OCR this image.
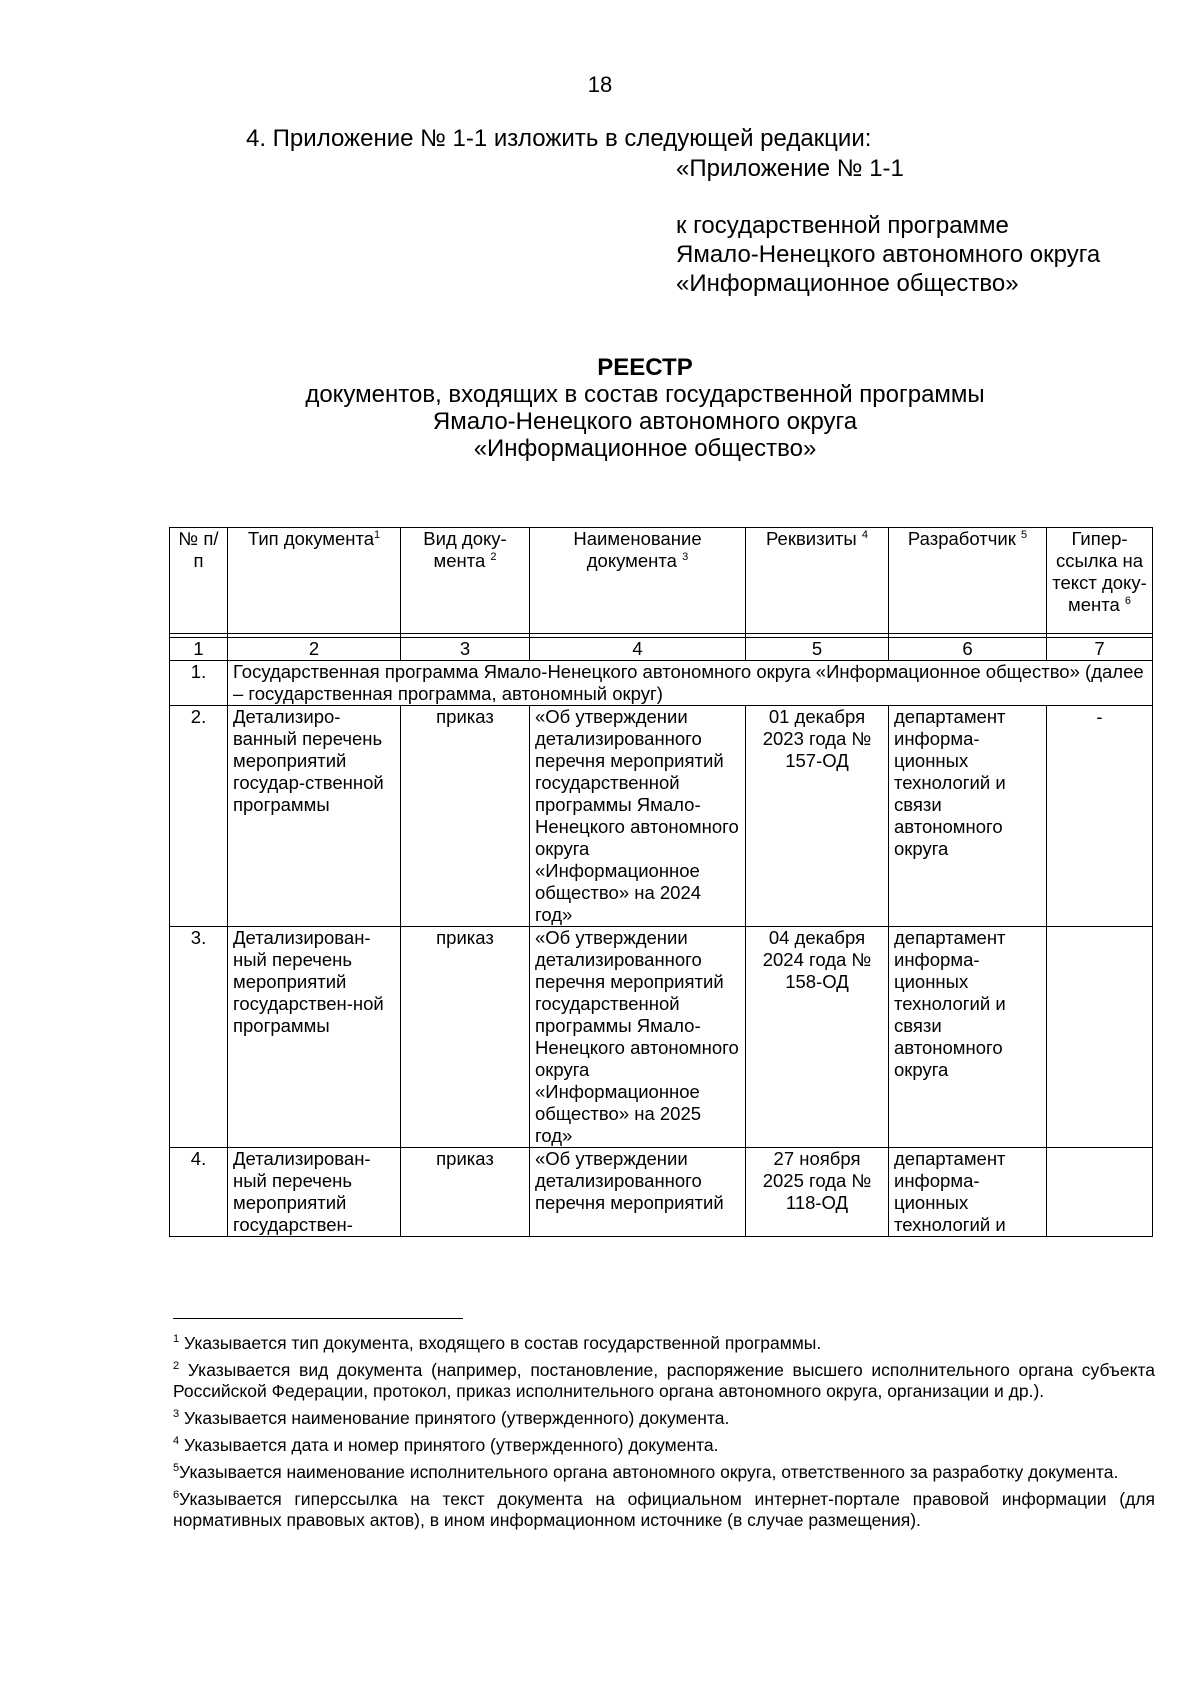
18
4. Приложение № 1-1 изложить в следующей редакции:
«Приложение № 1-1
к государственной программе
Ямало-Ненецкого автономного округа
«Информационное общество»
РЕЕСТР
документов, входящих в состав государственной программы
Ямало-Ненецкого автономного округа
«Информационное общество»
№ п/п	Тип документа$^1$	Вид доку-мента $^2$	Наименование документа $^3$	Реквизиты $^4$	Разработчик $^5$	Гипер-ссылка на текст доку-мента $^6$

1	2	3	4	5	6	7
1.	Государственная программа Ямало-Ненецкого автономного округа «Информационное общество» (далее – государственная программа, автономный округ)					
2.	Детализиро-ванный перечень мероприятий государ-ственной программы	приказ	«Об утверждении детализированного перечня мероприятий государственной программы Ямало-Ненецкого автономного округа «Информационное общество» на 2024 год»	01 декабря 2023 года № 157-ОД	департамент информа-ционных технологий и связи автономного округа	-
3.	Детализирован-ный перечень мероприятий государствен-ной программы	приказ	«Об утверждении детализированного перечня мероприятий государственной программы Ямало-Ненецкого автономного округа «Информационное общество» на 2025 год»	04 декабря 2024 года № 158-ОД	департамент информа-ционных технологий и связи автономного округа	
4.	Детализирован-ный перечень мероприятий государствен-	приказ	«Об утверждении детализированного перечня мероприятий	27 ноября 2025 года № 118-ОД	департамент информа-ционных технологий и	
$^1$ Указывается тип документа, входящего в состав государственной программы.
$^2$ Указывается вид документа (например, постановление, распоряжение высшего исполнительного органа субъекта Российской Федерации, протокол, приказ исполнительного органа автономного округа, организации и др.).
$^3$ Указывается наименование принятого (утвержденного) документа.
$^4$ Указывается дата и номер принятого (утвержденного) документа.
$^5$Указывается наименование исполнительного органа автономного округа, ответственного за разработку документа.
$^6$Указывается гиперссылка на текст документа на официальном интернет-портале правовой информации (для нормативных правовых актов), в ином информационном источнике (в случае размещения).
